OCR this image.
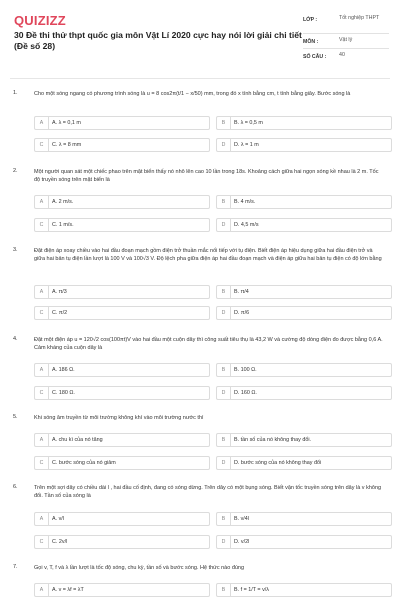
QUIZIZZ
30 Đề thi thử thpt quốc gia môn Vật Lí 2020 cực hay nói lời giải chi tiết (Đề số 28)
LỚP :	Tốt nghiệp THPT
MÔN :	Vật lý
SỐ CÂU :	40
1.	Cho một sóng ngang có phương trình sóng là u = 8 cos2π(t/1 − x/50) mm, trong đó x tính bằng cm, t tính bằng giây. Bước sóng là
A	A. λ = 0,1 m	B	B. λ = 0,5 m
C	C. λ = 8 mm	D	D. λ = 1 m
2.	Một người quan sát một chiếc phao trên mặt biển thấy nó nhô lên cao 10 lần trong 18s. Khoảng cách giữa hai ngọn sóng kề nhau là 2 m. Tốc độ truyền sóng trên mặt biển là
A	A. 2 m/s.	B	B. 4 m/s.
C	C. 1 m/s.	D	D. 4,5 m/s
3.	Đặt điện áp xoay chiều vào hai đầu đoạn mạch gồm điện trở thuần mắc nối tiếp với tụ điện. Biết điện áp hiệu dụng giữa hai đầu điện trở và giữa hai bản tụ điện lần lượt là 100 V và 100√3 V. Độ lệch pha giữa điện áp hai đầu đoạn mạch và điện áp giữa hai bản tụ điện có độ lớn bằng
A	A. π/3	B	B. π/4
C	C. π/2	D	D. π/6
4.	Đặt một điện áp u = 120√2 cos(100πt)V vào hai đầu một cuộn dây thì công suất tiêu thụ là 43,2 W và cường độ dòng điện đo được bằng 0,6 A. Cảm kháng của cuộn dây là
A	A. 186 Ω.	B	B. 100 Ω.
C	C. 180 Ω.	D	D. 160 Ω.
5.	Khi sóng âm truyền từ môi trường không khí vào môi trường nước thì
A	A. chu kì của nó tăng	B	B. tần số của nó không thay đổi.
C	C. bước sóng của nó giảm	D	D. bước sóng của nó không thay đổi
6.	Trên một sợi dây có chiều dài l , hai đầu cố định, đang có sóng dừng. Trên dây có một bụng sóng. Biết vận tốc truyền sóng trên dây là v không đổi. Tần số của sóng là
A	A. v/l	B	B. v/4l
C	C. 2v/l	D	D. v/2l
7.	Gọi v, T, f và λ lần lượt là tốc độ sóng, chu kỳ, tần số và bước sóng. Hệ thức nào đúng
A	A. v = λf = λT	B	B. f = 1/T = v/λ
